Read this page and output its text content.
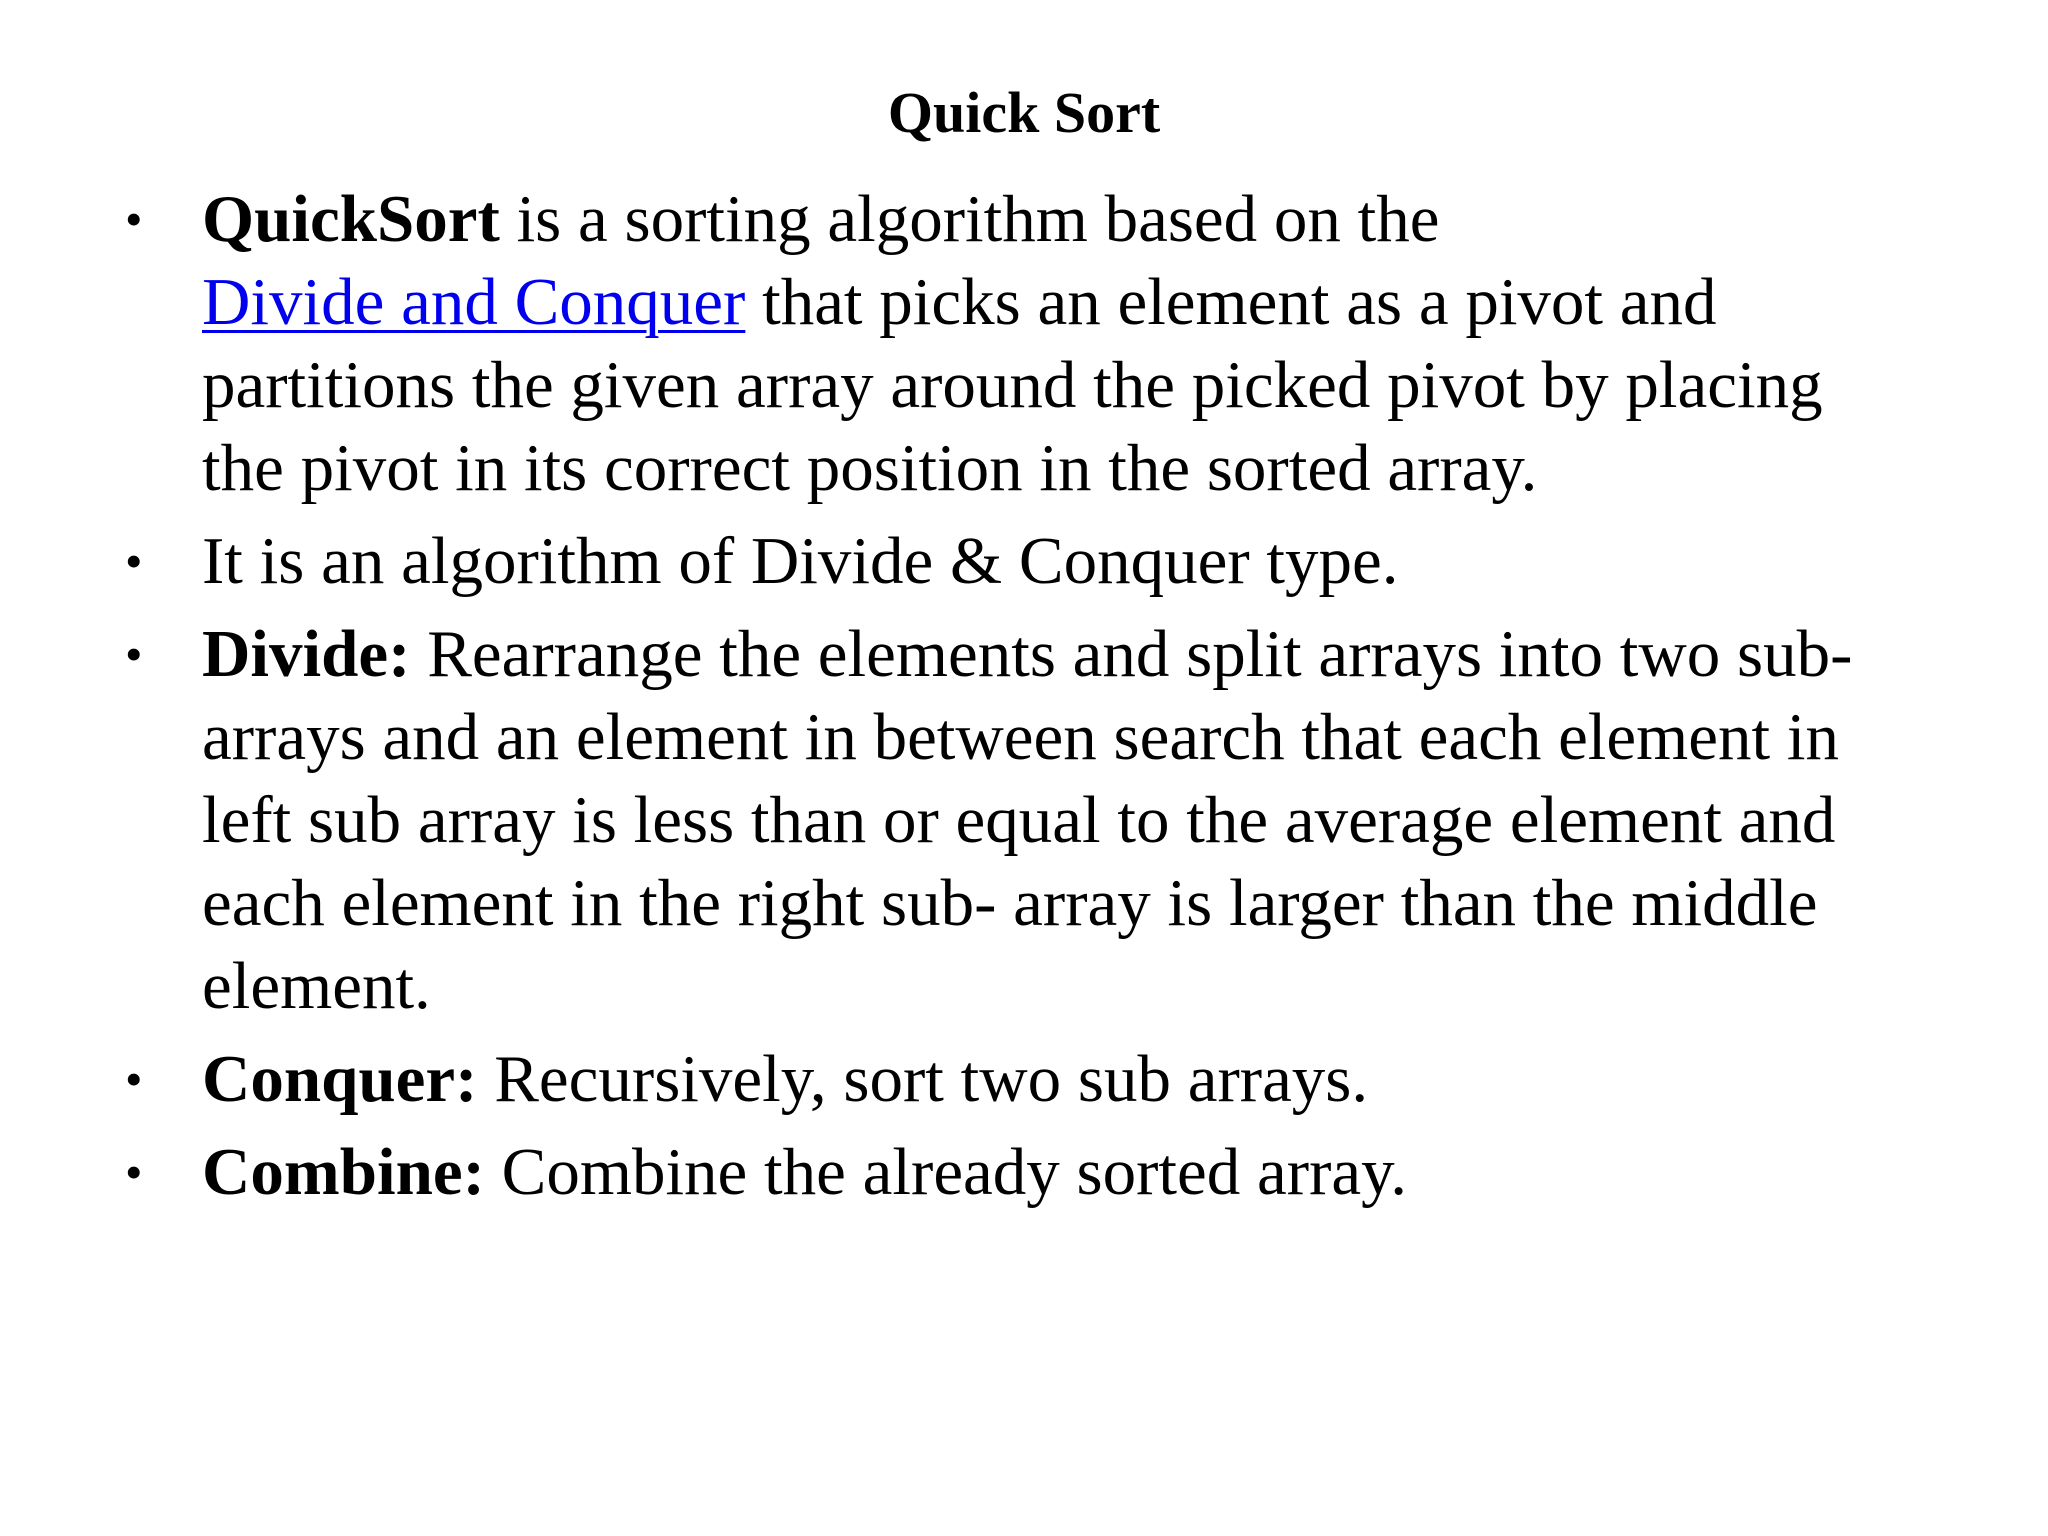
Quick Sort
• QuickSort is a sorting algorithm based on the
Divide and Conquer that picks an element as a pivot and partitions the given array around the picked pivot by placing the pivot in its correct position in the sorted array.
• It is an algorithm of Divide & Conquer type.
• Divide: Rearrange the elements and split arrays into two sub-arrays and an element in between search that each element in left sub array is less than or equal to the average element and each element in the right sub- array is larger than the middle element.
• Conquer: Recursively, sort two sub arrays.
• Combine: Combine the already sorted array.
